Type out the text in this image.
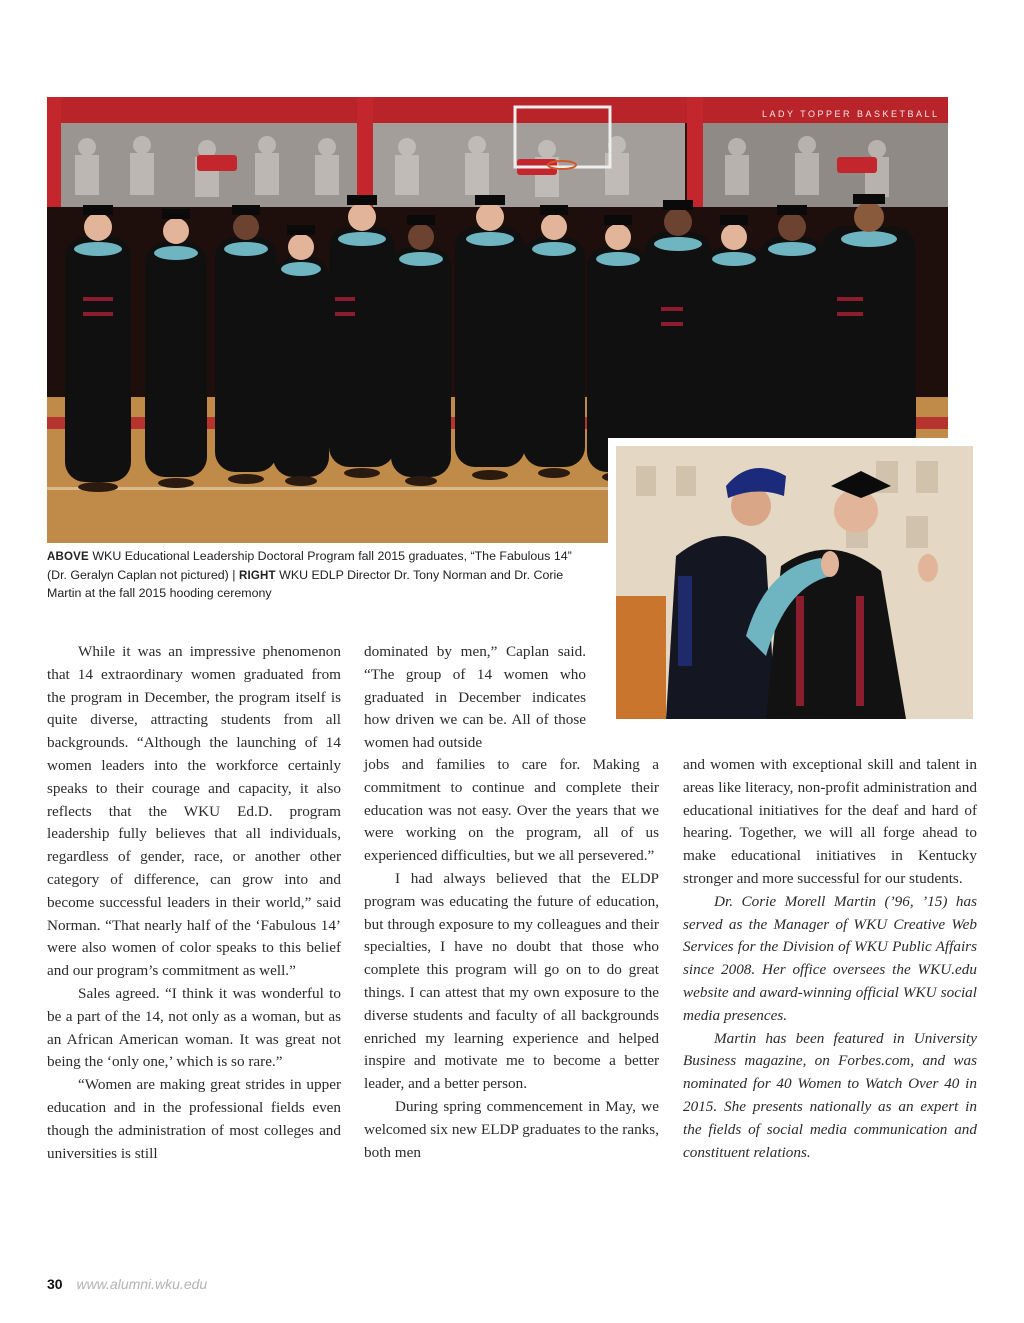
LADY TOPPER BASKETBALL
ABOVE WKU Educational Leadership Doctoral Program fall 2015 graduates, “The Fabulous 14” (Dr. Geralyn Caplan not pictured) | RIGHT WKU EDLP Director Dr. Tony Norman and Dr. Corie Martin at the fall 2015 hooding ceremony

While it was an impressive phenomenon that 14 extraordinary women graduated from the program in December, the program itself is quite diverse, attracting students from all backgrounds. “Although the launching of 14 women leaders into the workforce certainly speaks to their courage and capacity, it also reflects that the WKU Ed.D. program leadership fully believes that all individuals, regardless of gender, race, or another other category of difference, can grow into and become successful leaders in their world,” said Norman. “That nearly half of the ‘Fabulous 14’ were also women of color speaks to this belief and our program’s commitment as well.”

Sales agreed. “I think it was wonderful to be a part of the 14, not only as a woman, but as an African American woman. It was great not being the ‘only one,’ which is so rare.”

“Women are making great strides in upper education and in the professional fields even though the administration of most colleges and universities is still

dominated by men,” Caplan said. “The group of 14 women who graduated in December indicates how driven we can be. All of those women had outside

jobs and families to care for. Making a commitment to continue and complete their education was not easy. Over the years that we were working on the program, all of us experienced difficulties, but we all persevered.”

I had always believed that the ELDP program was educating the future of education, but through exposure to my colleagues and their specialties, I have no doubt that those who complete this program will go on to do great things. I can attest that my own exposure to the diverse students and faculty of all backgrounds enriched my learning experience and helped inspire and motivate me to become a better leader, and a better person.

During spring commencement in May, we welcomed six new ELDP graduates to the ranks, both men

and women with exceptional skill and talent in areas like literacy, non-profit administration and educational initiatives for the deaf and hard of hearing. Together, we will all forge ahead to make educational initiatives in Kentucky stronger and more successful for our students.

Dr. Corie Morell Martin (’96, ’15) has served as the Manager of WKU Creative Web Services for the Division of WKU Public Affairs since 2008. Her office oversees the WKU.edu website and award-winning official WKU social media presences.

Martin has been featured in University Business magazine, on Forbes.com, and was nominated for 40 Women to Watch Over 40 in 2015. She presents nationally as an expert in the fields of social media communication and constituent relations.

30 www.alumni.wku.edu
